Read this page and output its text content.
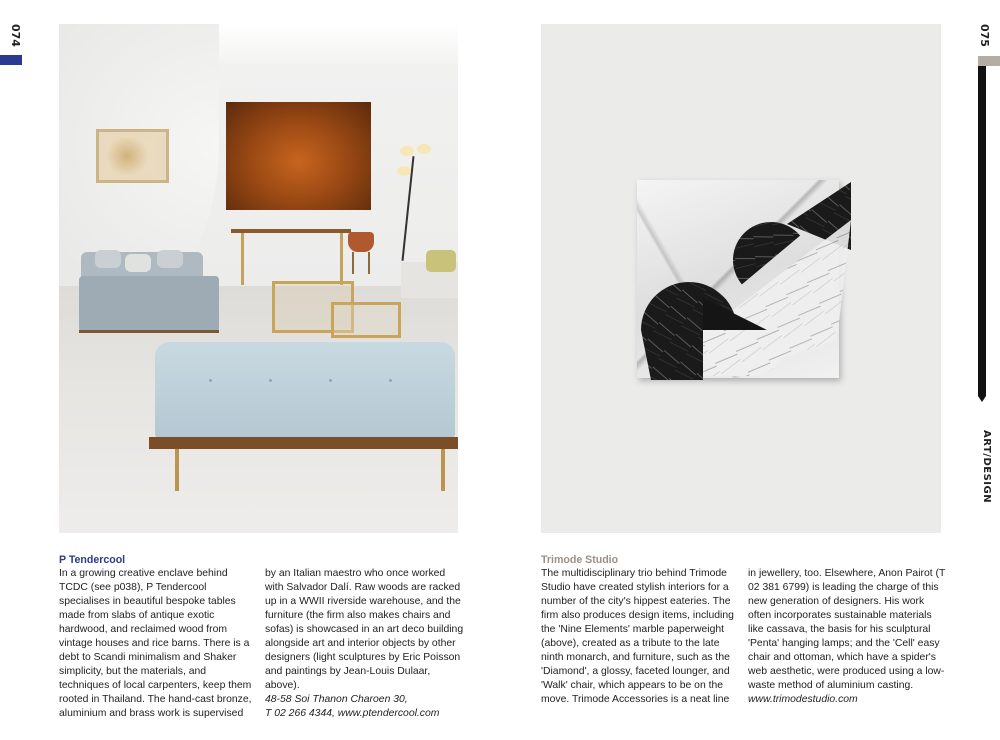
074	075
ART/DESIGN

P Tendercool

In a growing creative enclave behind TCDC (see p038), P Tendercool specialises in beautiful bespoke tables made from slabs of antique exotic hardwood, and reclaimed wood from vintage houses and rice barns. There is a debt to Scandi minimalism and Shaker simplicity, but the materials, and techniques of local carpenters, keep them rooted in Thailand. The hand-cast bronze, aluminium and brass work is supervised

by an Italian maestro who once worked with Salvador Dalí. Raw woods are racked up in a WWII riverside warehouse, and the furniture (the firm also makes chairs and sofas) is showcased in an art deco building alongside art and interior objects by other designers (light sculptures by Eric Poisson and paintings by Jean-Louis Dulaar, above).

48-58 Soi Thanon Charoen 30,

T 02 266 4344, www.ptendercool.com

Trimode Studio

The multidisciplinary trio behind Trimode Studio have created stylish interiors for a number of the city's hippest eateries. The firm also produces design items, including the 'Nine Elements' marble paperweight (above), created as a tribute to the late ninth monarch, and furniture, such as the 'Diamond', a glossy, faceted lounger, and 'Walk' chair, which appears to be on the move. Trimode Accessories is a neat line

in jewellery, too. Elsewhere, Anon Pairot (T 02 381 6799) is leading the charge of this new generation of designers. His work often incorporates sustainable materials like cassava, the basis for his sculptural 'Penta' hanging lamps; and the 'Cell' easy chair and ottoman, which have a spider's web aesthetic, were produced using a low-waste method of aluminium casting.

www.trimodestudio.com
